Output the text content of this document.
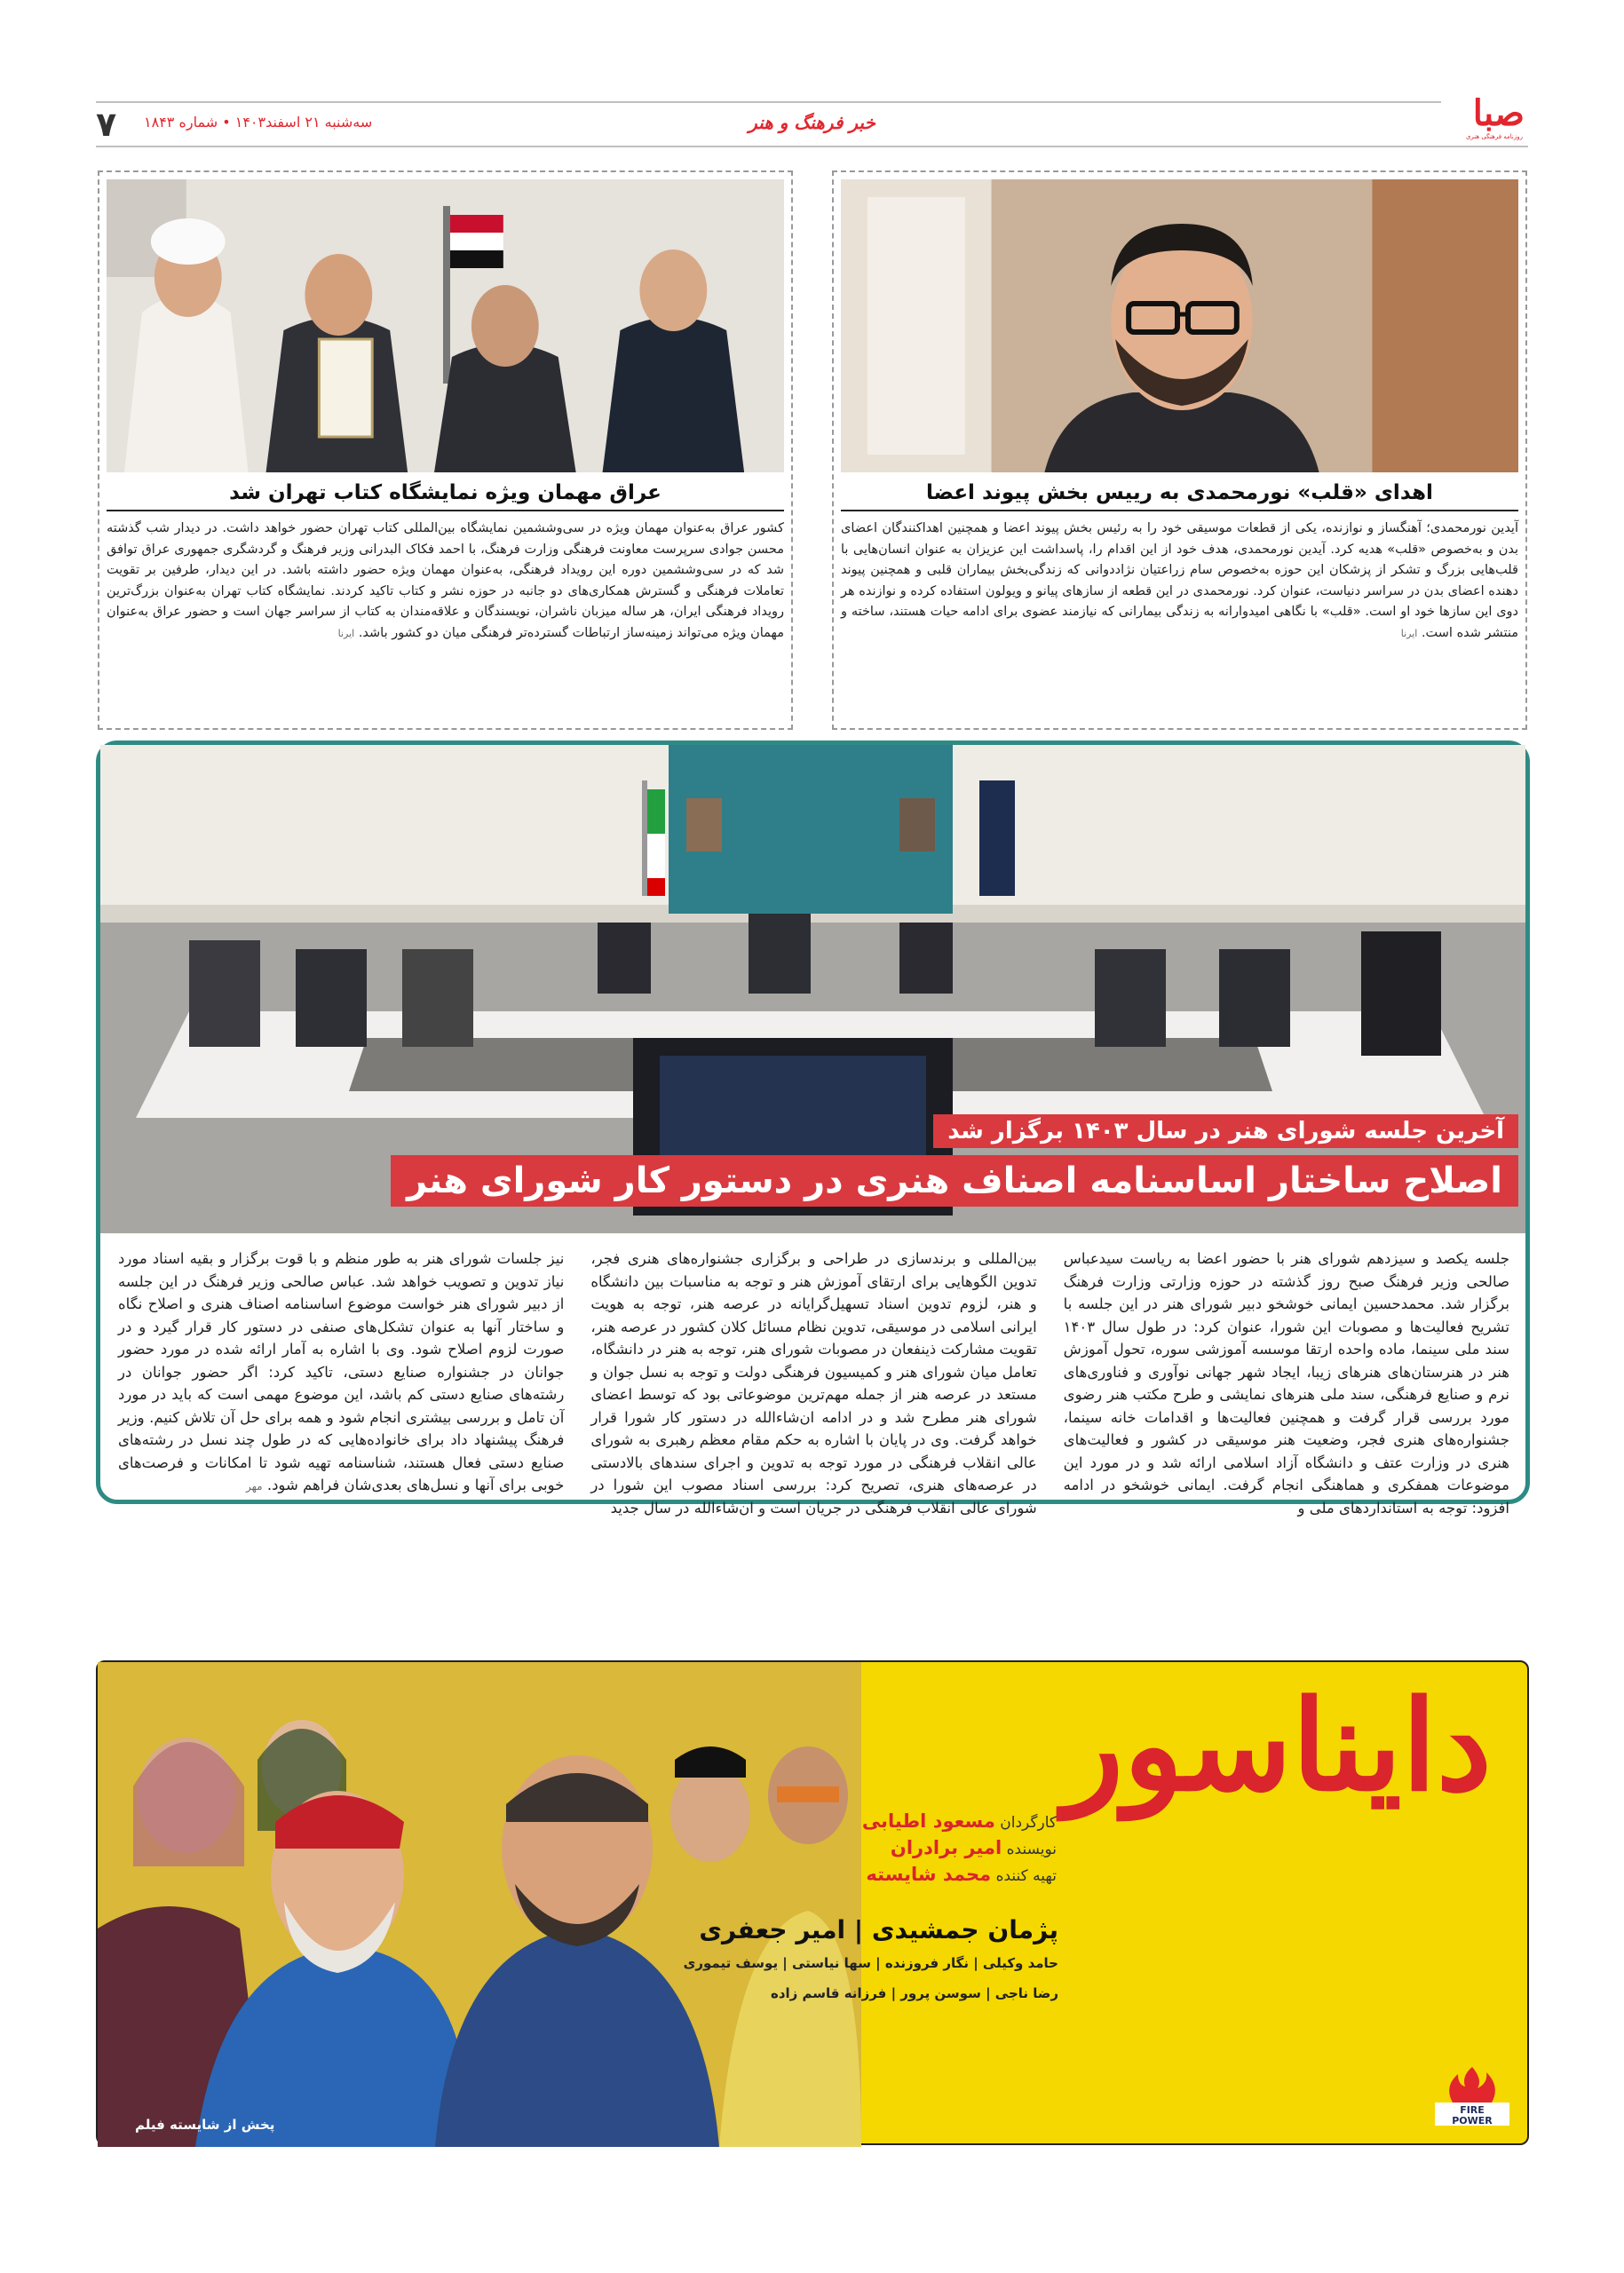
صبا
روزنامه فرهنگی هنری
خبر فرهنگ و هنر
سه‌شنبه ۲۱ اسفند۱۴۰۳ • شماره ۱۸۴۳
۷
اهدای «قلب» نورمحمدی به رییس بخش پیوند اعضا

آیدین نورمحمدی؛ آهنگساز و نوازنده، یکی از قطعات موسیقی خود را به رئیس بخش پیوند اعضا و همچنین اهداکنندگان اعضای بدن و به‌خصوص «قلب» هدیه کرد. آیدین نورمحمدی، هدف خود از این اقدام را، پاسداشت این عزیزان به عنوان انسان‌هایی با قلب‌هایی بزرگ و تشکر از پزشکان این حوزه به‌خصوص سام زراعتیان نژاددوانی که زندگی‌بخش بیماران قلبی و همچنین پیوند دهنده اعضای بدن در سراسر دنیاست، عنوان کرد. نورمحمدی در این قطعه از سازهای پیانو و ویولون استفاده کرده و نوازنده هر دوی این سازها خود او است. «قلب» با نگاهی امیدوارانه به زندگی بیمارانی که نیازمند عضوی برای ادامه حیات هستند، ساخته و منتشر شده است. ایرنا

عراق مهمان ویژه نمایشگاه کتاب تهران شد

کشور عراق به‌عنوان مهمان ویژه در سی‌وششمین نمایشگاه بین‌المللی کتاب تهران حضور خواهد داشت. در دیدار شب گذشته محسن جوادی سرپرست معاونت فرهنگی وزارت فرهنگ، با احمد فکاک البدرانی وزیر فرهنگ و گردشگری جمهوری عراق توافق شد که در سی‌وششمین دوره این رویداد فرهنگی، به‌عنوان مهمان ویژه حضور داشته باشد. در این دیدار، طرفین بر تقویت تعاملات فرهنگی و گسترش همکاری‌های دو جانبه در حوزه نشر و کتاب تاکید کردند. نمایشگاه کتاب تهران به‌عنوان بزرگ‌ترین رویداد فرهنگی ایران، هر ساله میزبان ناشران، نویسندگان و علاقه‌مندان به کتاب از سراسر جهان است و حضور عراق به‌عنوان مهمان ویژه می‌تواند زمینه‌ساز ارتباطات گسترده‌تر فرهنگی میان دو کشور باشد. ایرنا

آخرین جلسه شورای هنر در سال ۱۴۰۳ برگزار شد
اصلاح ساختار اساسنامه اصناف هنری در دستور کار شورای هنر
جلسه یکصد و سیزدهم شورای هنر با حضور اعضا به ریاست سیدعباس صالحی وزیر فرهنگ صبح روز گذشته در حوزه وزارتی وزارت فرهنگ برگزار شد. محمدحسین ایمانی خوشخو دبیر شورای هنر در این جلسه با تشریح فعالیت‌ها و مصوبات این شورا، عنوان کرد: در طول سال ۱۴۰۳ سند ملی سینما، ماده واحده ارتقا موسسه آموزشی سوره، تحول آموزش هنر در هنرستان‌های هنرهای زیبا، ایجاد شهر جهانی نوآوری و فناوری‌های نرم و صنایع فرهنگی، سند ملی هنرهای نمایشی و طرح مکتب هنر رضوی مورد بررسی قرار گرفت و همچنین فعالیت‌ها و اقدامات خانه سینما، جشنواره‌های هنری فجر، وضعیت هنر موسیقی در کشور و فعالیت‌های هنری در وزارت عتف و دانشگاه آزاد اسلامی ارائه شد و در مورد این موضوعات همفکری و هماهنگی انجام گرفت. ایمانی خوشخو در ادامه افزود: توجه به استانداردهای ملی و
بین‌المللی و برندسازی در طراحی و برگزاری جشنواره‌های هنری فجر، تدوین الگوهایی برای ارتقای آموزش هنر و توجه به مناسبات بین دانشگاه و هنر، لزوم تدوین اسناد تسهیل‌گرایانه در عرصه هنر، توجه به هویت ایرانی اسلامی در موسیقی، تدوین نظام مسائل کلان کشور در عرصه هنر، تقویت مشارکت ذینفعان در مصوبات شورای هنر، توجه به هنر در دانشگاه، تعامل میان شورای هنر و کمیسیون فرهنگی دولت و توجه به نسل جوان و مستعد در عرصه هنر از جمله مهم‌ترین موضوعاتی بود که توسط اعضای شورای هنر مطرح شد و در ادامه ان‌شاءالله در دستور کار شورا قرار خواهد گرفت. وی در پایان با اشاره به حکم مقام معظم رهبری به شورای عالی انقلاب فرهنگی در مورد توجه به تدوین و اجرای سندهای بالادستی در عرصه‌های هنری، تصریح کرد: بررسی اسناد مصوب این شورا در شورای عالی انقلاب فرهنگی در جریان است و ان‌شاءالله در سال جدید
نیز جلسات شورای هنر به طور منظم و با قوت برگزار و بقیه اسناد مورد نیاز تدوین و تصویب خواهد شد. عباس صالحی وزیر فرهنگ در این جلسه از دبیر شورای هنر خواست موضوع اساسنامه اصناف هنری و اصلاح نگاه و ساختار آنها به عنوان تشکل‌های صنفی در دستور کار قرار گیرد و در صورت لزوم اصلاح شود. وی با اشاره به آمار ارائه شده در مورد حضور جوانان در جشنواره صنایع دستی، تاکید کرد: اگر حضور جوانان در رشته‌های صنایع دستی کم باشد، این موضوع مهمی است که باید در مورد آن تامل و بررسی بیشتری انجام شود و همه برای حل آن تلاش کنیم. وزیر فرهنگ پیشنهاد داد برای خانواده‌هایی که در طول چند نسل در رشته‌های صنایع دستی فعال هستند، شناسنامه تهیه شود تا امکانات و فرصت‌های خوبی برای آنها و نسل‌های بعدی‌شان فراهم شود. مهر
دایناسور
کارگردان مسعود اطیابی
نویسنده امیر برادران
تهیه کننده محمد شایسته
پژمان جمشیدی | امیر جعفری
حامد وکیلی | نگار فروزنده | سها نیاستی | یوسف تیموری
رضا ناجی | سوسن پرور | فرزانه قاسم زاده
پخش از شایسته فیلم
FIRE
POWER
